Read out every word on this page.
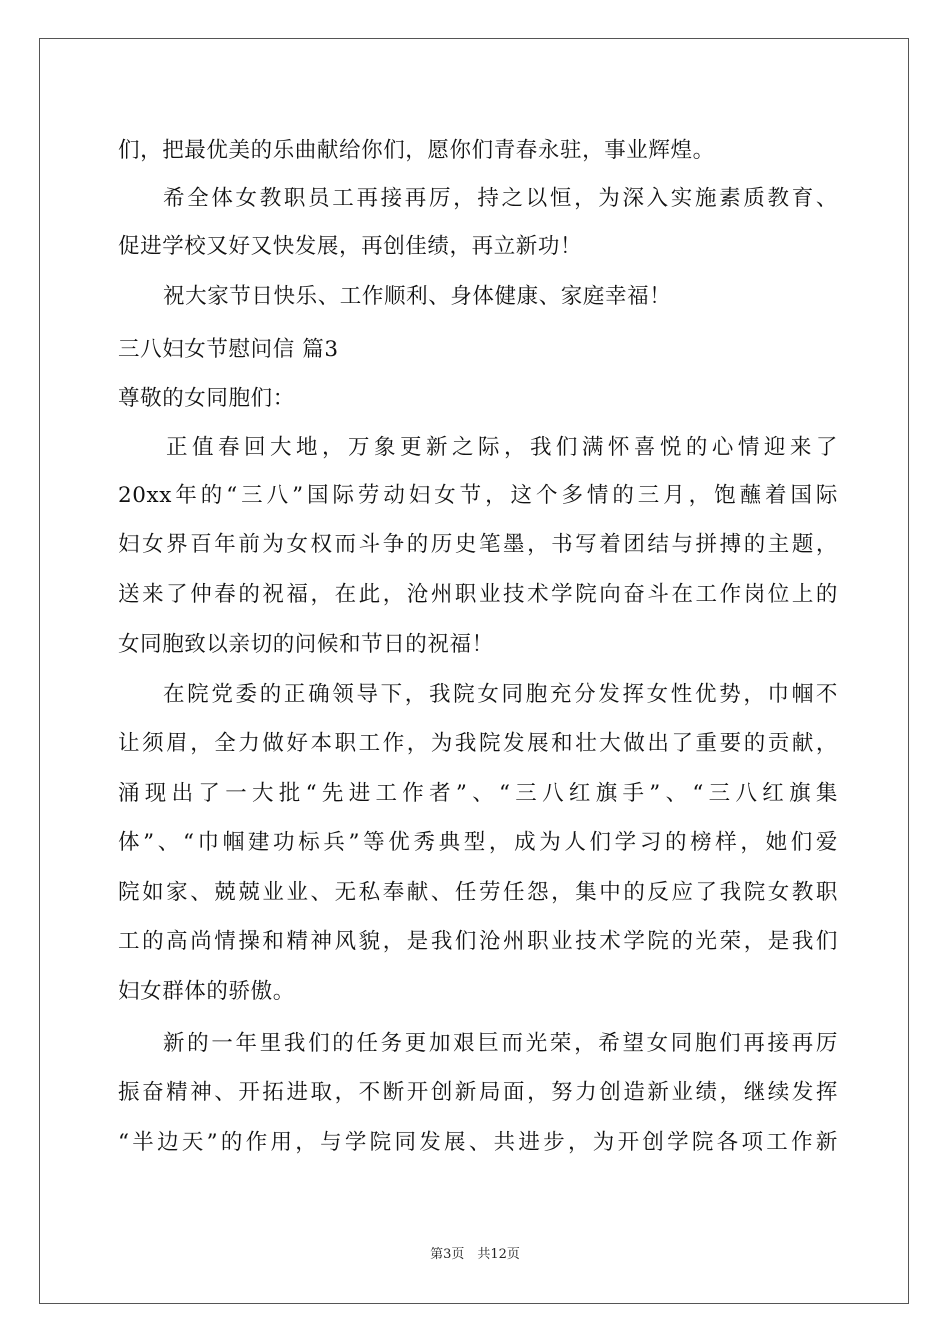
们，把最优美的乐曲献给你们，愿你们青春永驻，事业辉煌。
希全体女教职员工再接再厉，持之以恒，为深入实施素质教育、
促进学校又好又快发展，再创佳绩，再立新功！
祝大家节日快乐、工作顺利、身体健康、家庭幸福！
三八妇女节慰问信 篇3
尊敬的女同胞们：
正值春回大地，万象更新之际，我们满怀喜悦的心情迎来了
20xx年的“三八”国际劳动妇女节，这个多情的三月，饱蘸着国际
妇女界百年前为女权而斗争的历史笔墨，书写着团结与拼搏的主题，
送来了仲春的祝福，在此，沧州职业技术学院向奋斗在工作岗位上的
女同胞致以亲切的问候和节日的祝福！
在院党委的正确领导下，我院女同胞充分发挥女性优势，巾帼不
让须眉，全力做好本职工作，为我院发展和壮大做出了重要的贡献，
涌现出了一大批“先进工作者”、“三八红旗手”、“三八红旗集
体”、“巾帼建功标兵”等优秀典型，成为人们学习的榜样，她们爱
院如家、兢兢业业、无私奉献、任劳任怨，集中的反应了我院女教职
工的高尚情操和精神风貌，是我们沧州职业技术学院的光荣，是我们
妇女群体的骄傲。
新的一年里我们的任务更加艰巨而光荣，希望女同胞们再接再厉
振奋精神、开拓进取，不断开创新局面，努力创造新业绩，继续发挥
“半边天”的作用，与学院同发展、共进步，为开创学院各项工作新
第3页　共12页
